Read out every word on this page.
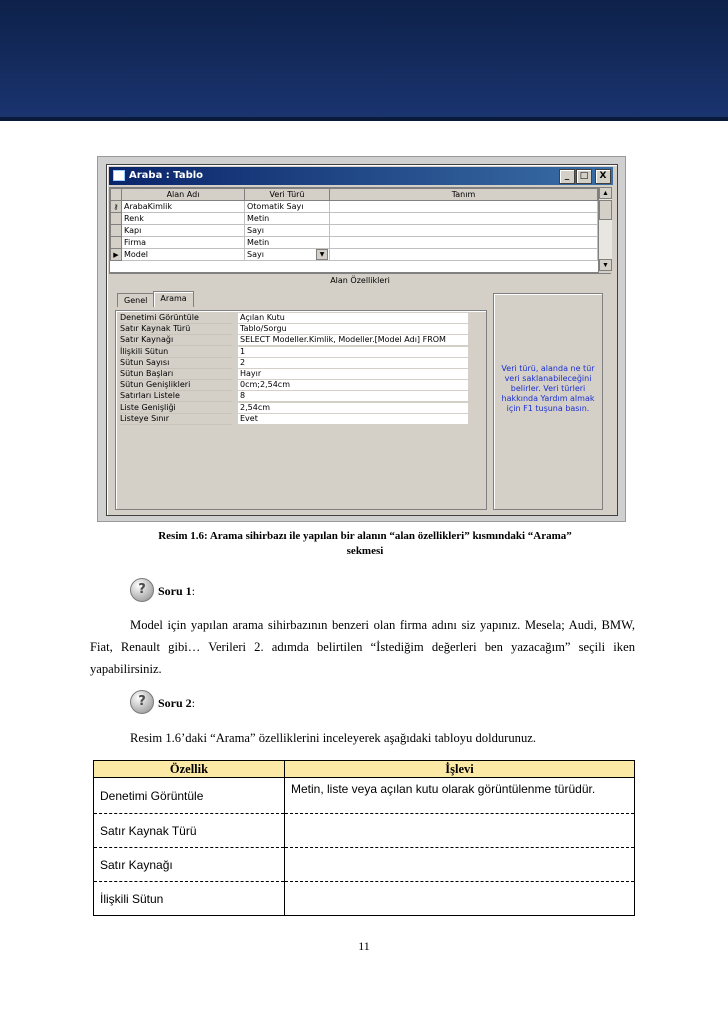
Araba : Tablo	_ □ X
	Alan Adı	Veri Türü	Tanım
⚷	ArabaKimlik	Otomatik Sayı	
	Renk	Metin	
	Kapı	Sayı	
	Firma	Metin	
▶	Model	Sayı ▼	

▲
▼
Alan Özellikleri
Genel Arama
Denetimi Görüntüle	Açılan Kutu
Satır Kaynak Türü	Tablo/Sorgu
Satır Kaynağı	SELECT Modeller.Kimlik, Modeller.[Model Adı] FROM
İlişkili Sütun	1
Sütun Sayısı	2
Sütun Başları	Hayır
Sütun Genişlikleri	0cm;2,54cm
Satırları Listele	8
Liste Genişliği	2,54cm
Listeye Sınır	Evet
Veri türü, alanda ne tür veri saklanabileceğini belirler. Veri türleri hakkında Yardım almak için F1 tuşuna basın.
Resim 1.6: Arama sihirbazı ile yapılan bir alanın “alan özellikleri” kısmındaki “Arama”
sekmesi
?	Soru 1:
Model için yapılan arama sihirbazının benzeri olan firma adını siz yapınız. Mesela; Audi, BMW, Fiat, Renault gibi… Verileri 2. adımda belirtilen “İstediğim değerleri ben yazacağım” seçili iken yapabilirsiniz.
?	Soru 2:
Resim 1.6’daki “Arama” özelliklerini inceleyerek aşağıdaki tabloyu doldurunuz.
Özellik	İşlevi
Denetimi Görüntüle	Metin, liste veya açılan kutu olarak görüntülenme türüdür.
Satır Kaynak Türü	
Satır Kaynağı	
İlişkili Sütun	
11
